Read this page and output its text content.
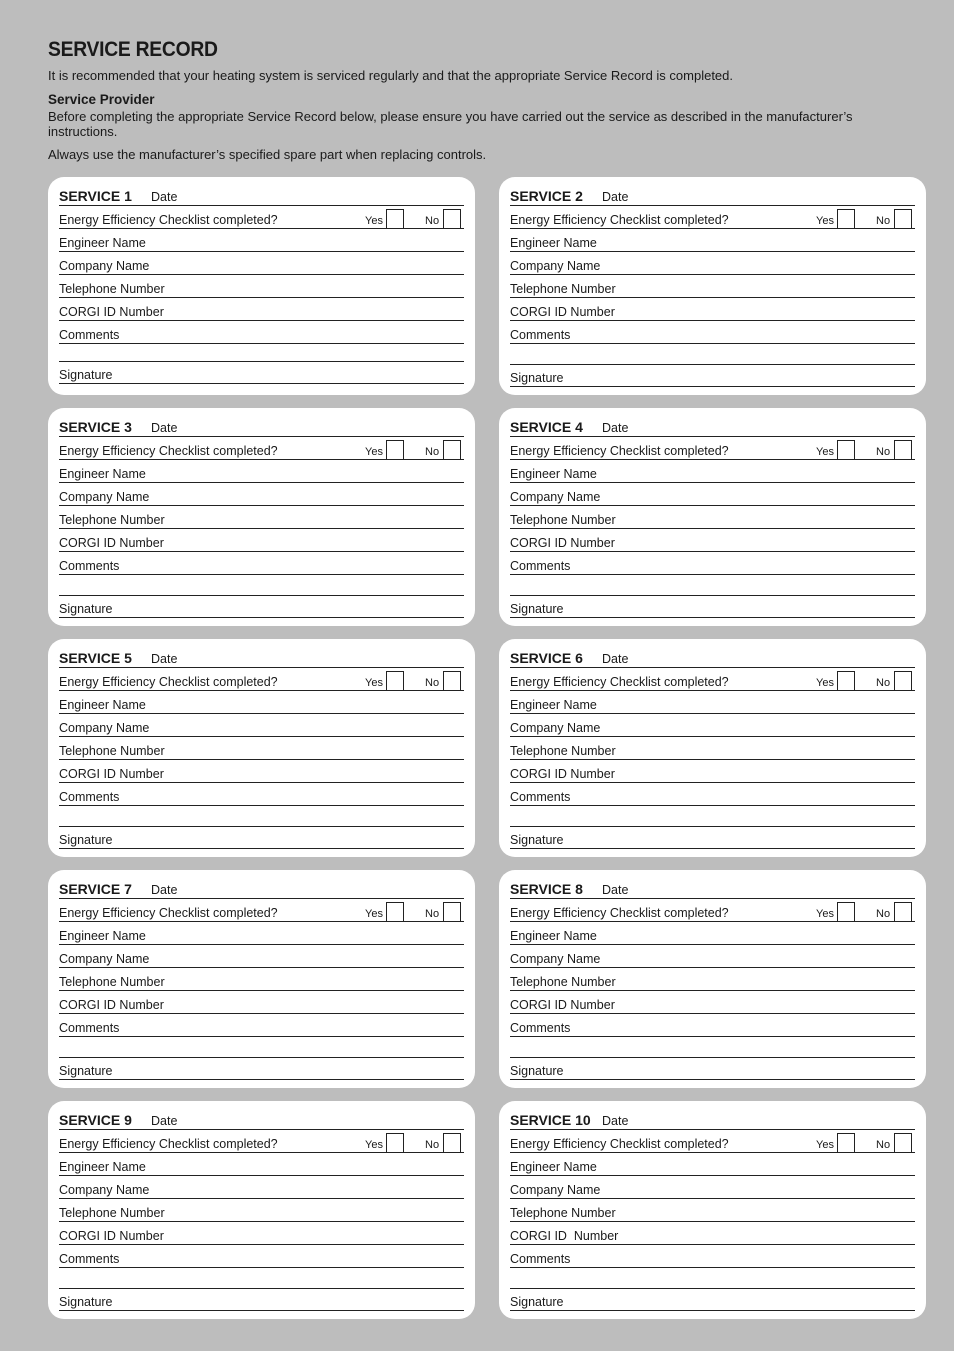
SERVICE RECORD
It is recommended that your heating system is serviced regularly and that the appropriate Service Record is completed.
Service Provider
Before completing the appropriate Service Record below, please ensure you have carried out the service as described in the manufacturer’s instructions.
Always use the manufacturer’s specified spare part when replacing controls.
SERVICE 1 Date
Energy Efficiency Checklist completed?	Yes	No
Engineer Name
Company Name
Telephone Number
CORGI ID Number
Comments
Signature
SERVICE 2 Date
Energy Efficiency Checklist completed?	Yes	No
Engineer Name
Company Name
Telephone Number
CORGI ID Number
Comments
Signature
SERVICE 3 Date
Energy Efficiency Checklist completed?	Yes	No
Engineer Name
Company Name
Telephone Number
CORGI ID Number
Comments
Signature
SERVICE 4 Date
Energy Efficiency Checklist completed?	Yes	No
Engineer Name
Company Name
Telephone Number
CORGI ID Number
Comments
Signature
SERVICE 5 Date
Energy Efficiency Checklist completed?	Yes	No
Engineer Name
Company Name
Telephone Number
CORGI ID Number
Comments
Signature
SERVICE 6 Date
Energy Efficiency Checklist completed?	Yes	No
Engineer Name
Company Name
Telephone Number
CORGI ID Number
Comments
Signature
SERVICE 7 Date
Energy Efficiency Checklist completed?	Yes	No
Engineer Name
Company Name
Telephone Number
CORGI ID Number
Comments
Signature
SERVICE 8 Date
Energy Efficiency Checklist completed?	Yes	No
Engineer Name
Company Name
Telephone Number
CORGI ID Number
Comments
Signature
SERVICE 9 Date
Energy Efficiency Checklist completed?	Yes	No
Engineer Name
Company Name
Telephone Number
CORGI ID Number
Comments
Signature
SERVICE 10 Date
Energy Efficiency Checklist completed?	Yes	No
Engineer Name
Company Name
Telephone Number
CORGI ID  Number
Comments
Signature
